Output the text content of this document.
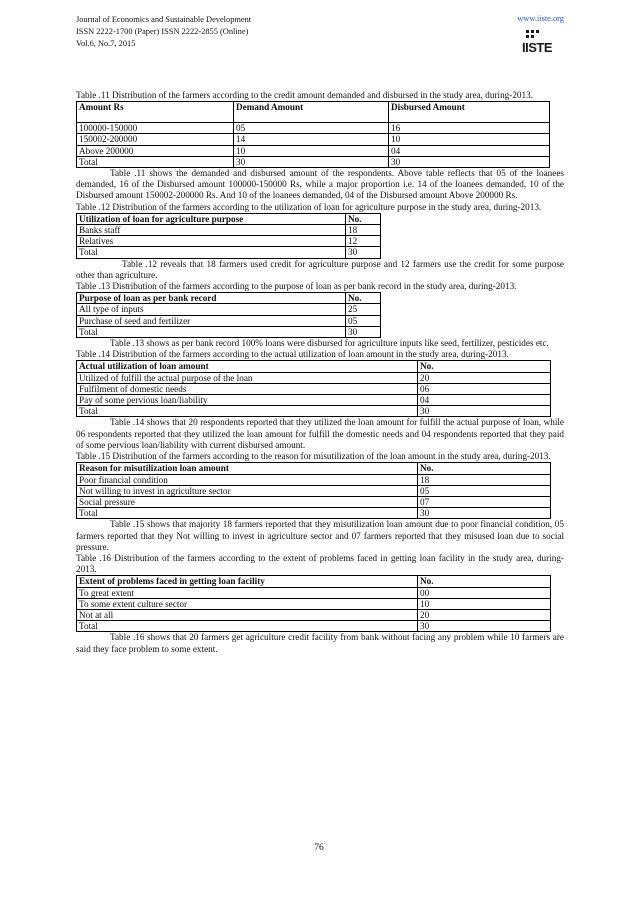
Journal of Economics and Sustainable Development
ISSN 2222-1700 (Paper) ISSN 2222-2855 (Online)
Vol.6, No.7, 2015
www.iiste.org
IISTE

Table .11 Distribution of the farmers according to the credit amount demanded and disbursed in the study area, during-2013.

Amount Rs	Demand Amount	Disbursed Amount
100000-150000	05	16
150002-200000	14	10
Above 200000	10	04
Total	30	30

Table .11 shows the demanded and disbursed amount of the respondents. Above table reflects that 05 of the loanees demanded, 16 of the Disbursed amount 100000-150000 Rs, while a major proportion i.e. 14 of the loanees demanded, 10 of the Disbursed amount 150002-200000 Rs. And 10 of the loanees demanded, 04 of the Disbursed amount Above 200000 Rs.

Table .12 Distribution of the farmers according to the utilization of loan for agriculture purpose in the study area, during-2013.

Utilization of loan for agriculture purpose	No.
Banks staff	18
Relatives	12
Total	30

Table .12 reveals that 18 farmers used credit for agriculture purpose and 12 farmers use the credit for some purpose other than agriculture.

Table .13 Distribution of the farmers according to the purpose of loan as per bank record in the study area, during-2013.

Purpose of loan as per bank record	No.
All type of inputs	25
Purchase of seed and fertilizer	05
Total	30

Table .13 shows as per bank record 100% loans were disbursed for agriculture inputs like seed, fertilizer, pesticides etc.

Table .14 Distribution of the farmers according to the actual utilization of loan amount in the study area, during-2013.

Actual utilization of loan amount	No.
Utilized of fulfill the actual purpose of the loan	20
Fulfilment of domestic needs	06
Pay of some pervious loan/liability	04
Total	30

Table .14 shows that 20 respondents reported that they utilized the loan amount for fulfill the actual purpose of loan, while 06 respondents reported that they utilized the loan amount for fulfill the domestic needs and 04 respondents reported that they paid of some pervious loan/liability with current disbursed amount.

Table .15 Distribution of the farmers according to the reason for misutilization of the loan amount in the study area, during-2013.

Reason for misutilization loan amount	No.
Poor financial condition	18
Not willing to invest in agriculture sector	05
Social pressure	07
Total	30

Table .15 shows that majority 18 farmers reported that they misutilization loan amount due to poor financial condition, 05 farmers reported that they Not willing to invest in agriculture sector and 07 farmers reported that they misused loan due to social pressure.

Table .16 Distribution of the farmers according to the extent of problems faced in getting loan facility in the study area, during-2013.

Extent of problems faced in getting loan facility	No.
To great extent	00
To some extent culture sector	10
Not at all	20
Total	30

Table .16 shows that 20 farmers get agriculture credit facility from bank without facing any problem while 10 farmers are said they face problem to some extent.

76
